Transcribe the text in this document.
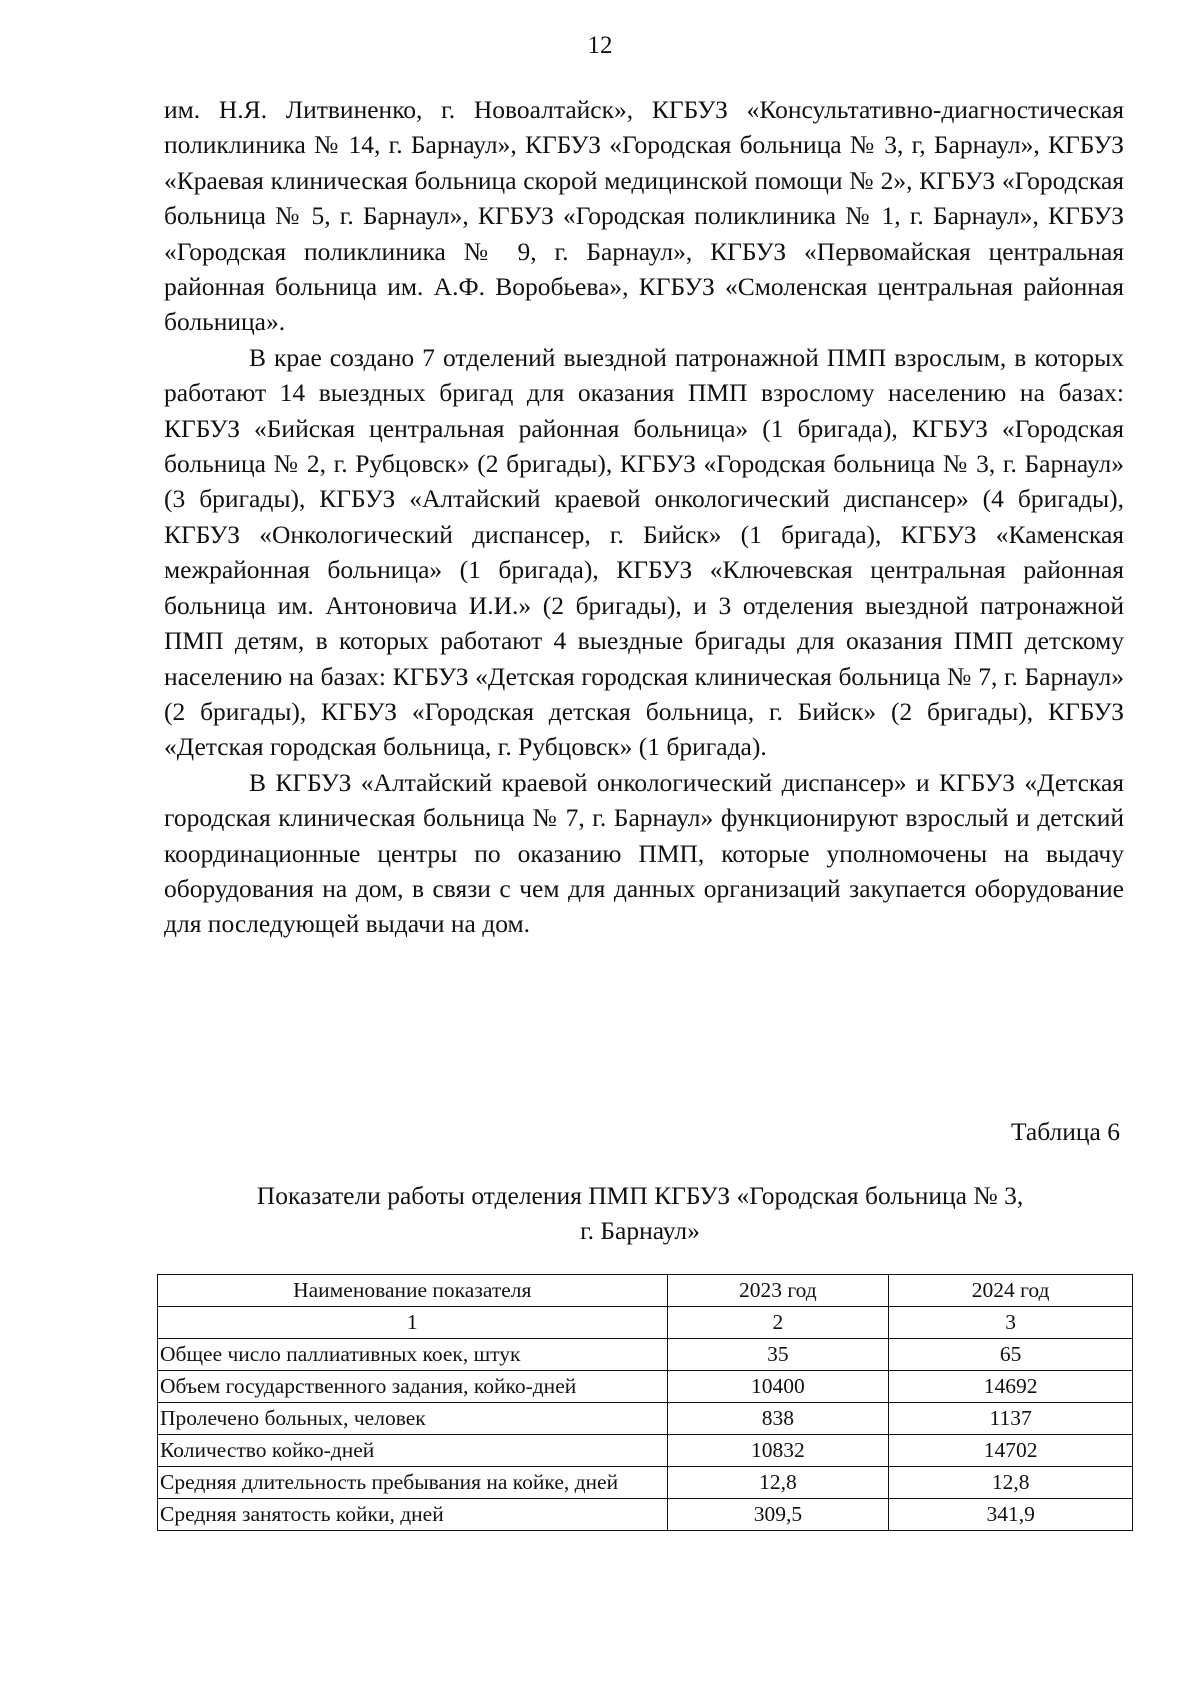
12

им. Н.Я. Литвиненко, г. Новоалтайск», КГБУЗ «Консультативно-диагностическая поликлиника № 14, г. Барнаул», КГБУЗ «Городская больница № 3, г, Барнаул», КГБУЗ «Краевая клиническая больница скорой медицинской помощи № 2», КГБУЗ «Городская больница № 5, г. Барнаул», КГБУЗ «Городская поликлиника № 1, г. Барнаул», КГБУЗ «Городская поликлиника № 9, г. Барнаул», КГБУЗ «Первомайская центральная районная больница им. А.Ф. Воробьева», КГБУЗ «Смоленская центральная районная больница».

В крае создано 7 отделений выездной патронажной ПМП взрослым, в которых работают 14 выездных бригад для оказания ПМП взрослому населению на базах: КГБУЗ «Бийская центральная районная больница» (1 бригада), КГБУЗ «Городская больница № 2, г. Рубцовск» (2 бригады), КГБУЗ «Городская больница № 3, г. Барнаул» (3 бригады), КГБУЗ «Алтайский краевой онкологический диспансер» (4 бригады), КГБУЗ «Онкологический диспансер, г. Бийск» (1 бригада), КГБУЗ «Каменская межрайонная больница» (1 бригада), КГБУЗ «Ключевская центральная районная больница им. Антоновича И.И.» (2 бригады), и 3 отделения выездной патронажной ПМП детям, в которых работают 4 выездные бригады для оказания ПМП детскому населению на базах: КГБУЗ «Детская городская клиническая больница № 7, г. Барнаул» (2 бригады), КГБУЗ «Городская детская больница, г. Бийск» (2 бригады), КГБУЗ «Детская городская больница, г. Рубцовск» (1 бригада).

В КГБУЗ «Алтайский краевой онкологический диспансер» и КГБУЗ «Детская городская клиническая больница № 7, г. Барнаул» функционируют взрослый и детский координационные центры по оказанию ПМП, которые уполномочены на выдачу оборудования на дом, в связи с чем для данных организаций закупается оборудование для последующей выдачи на дом.

Таблица 6
Показатели работы отделения ПМП КГБУЗ «Городская больница № 3,
г. Барнаул»
Наименование показателя	2023 год	2024 год
1	2	3
Общее число паллиативных коек, штук	35	65
Объем государственного задания, койко-дней	10400	14692
Пролечено больных, человек	838	1137
Количество койко-дней	10832	14702
Средняя длительность пребывания на койке, дней	12,8	12,8
Средняя занятость койки, дней	309,5	341,9
